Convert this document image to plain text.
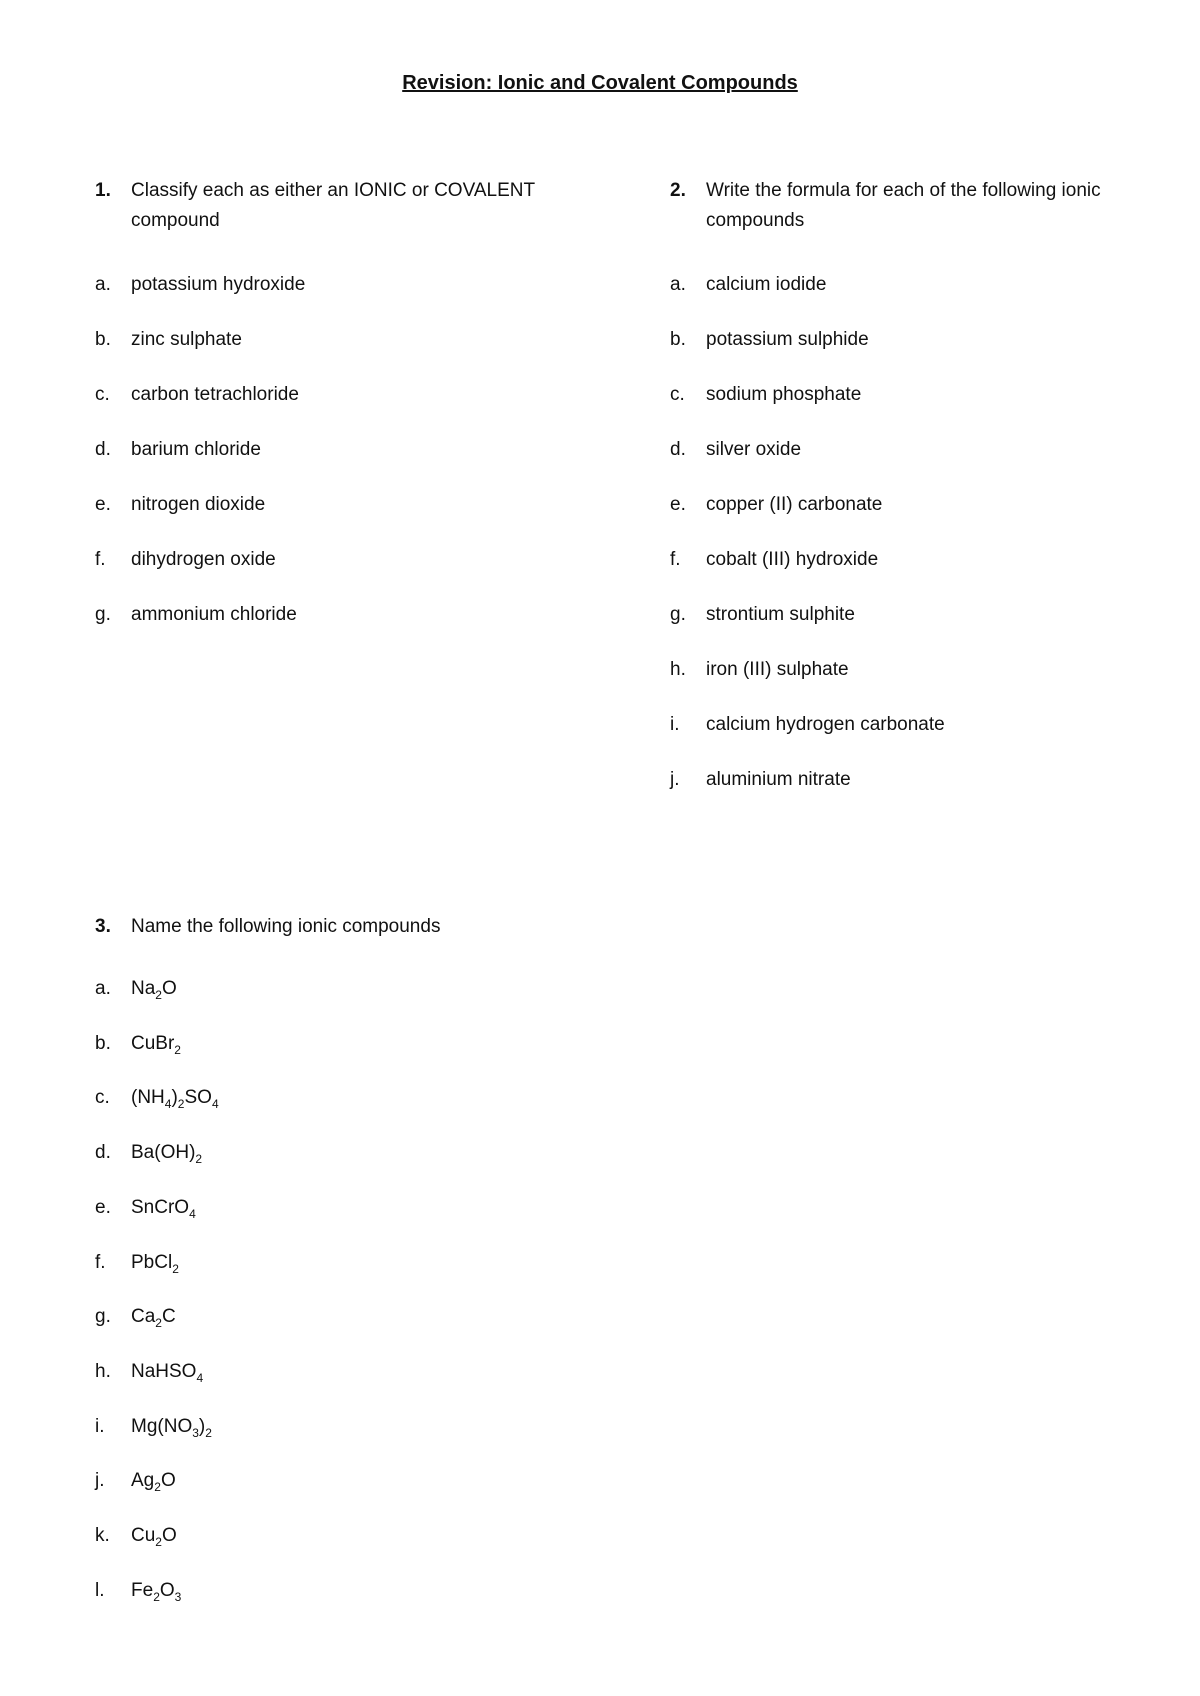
Revision: Ionic and Covalent Compounds
1.	Classify each as either an IONIC or COVALENT compound
a.	potassium hydroxide
b.	zinc sulphate
c.	carbon tetrachloride
d.	barium chloride
e.	nitrogen dioxide
f.	dihydrogen oxide
g.	ammonium chloride
2.	Write the formula for each of the following ionic compounds
a.	calcium iodide
b.	potassium sulphide
c.	sodium phosphate
d.	silver oxide
e.	copper (II) carbonate
f.	cobalt (III) hydroxide
g.	strontium sulphite
h.	iron (III) sulphate
i.	calcium hydrogen carbonate
j.	aluminium nitrate
3.	Name the following ionic compounds
a.	$Na_2O$
b.	CuBr$_2$
c.	$(NH_4)_2SO_4$
d.	$Ba(OH)_2$
e.	SnCrO$_4$
f.	PbCl$_2$
g.	$Ca_2C$
h.	NaHSO$_4$
i.	$Mg(NO_3)_2$
j.	$Ag_2O$
k.	$Cu_2O$
l.	$Fe_2O_3$
